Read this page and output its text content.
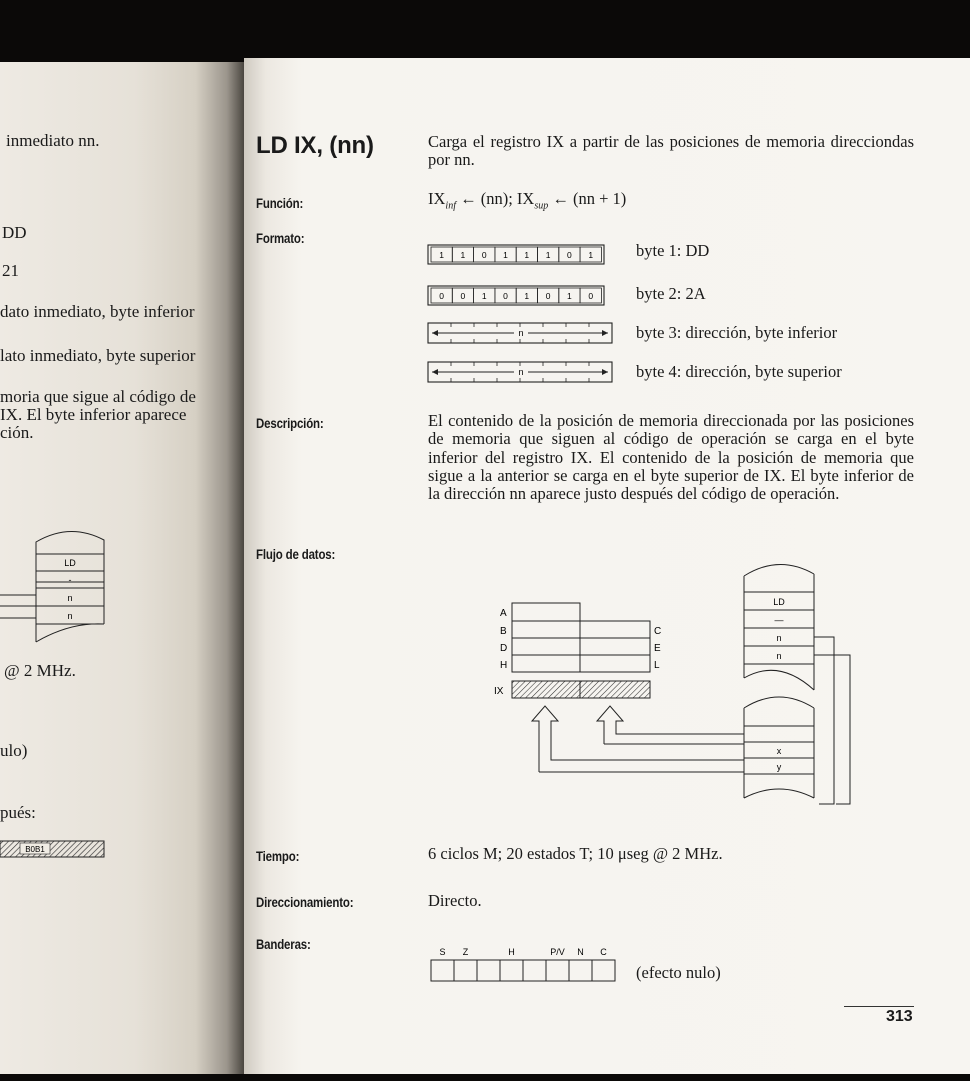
inmediato nn.
DD
21
dato inmediato, byte inferior
lato inmediato, byte superior
moria que sigue al código de
IX. El byte inferior aparece
ción.
LD
-
n
n
@ 2 MHz.
ulo)
pués:
B0B1
LD IX, (nn)	Carga el registro IX a partir de las posiciones de memoria direcciondas por nn.
Función:	$IX_{inf}$ ← (nn); $IX_{sup}$ ← (nn + 1)
Formato:
1 1 0 1 1 1 0 1
0 0 1 0 1 0 1 0
n
n
byte 1: DD
byte 2: 2A
byte 3: dirección, byte inferior
byte 4: dirección, byte superior
Descripción:	El contenido de la posición de memoria direccionada por las posiciones de memoria que siguen al código de operación se carga en el byte inferior del registro IX. El contenido de la posición de memoria que sigue a la anterior se carga en el byte superior de IX. El byte inferior de la dirección nn aparece justo después del código de operación.
Flujo de datos:
A
B
D
H
C
E
L
IX
LD
—
n
n
x
y
Tiempo:	6 ciclos M; 20 estados T; 10 μseg @ 2 MHz.
Direccionamiento:	Directo.
Banderas:	S Z	H	P/V N C
(efecto nulo)
313
